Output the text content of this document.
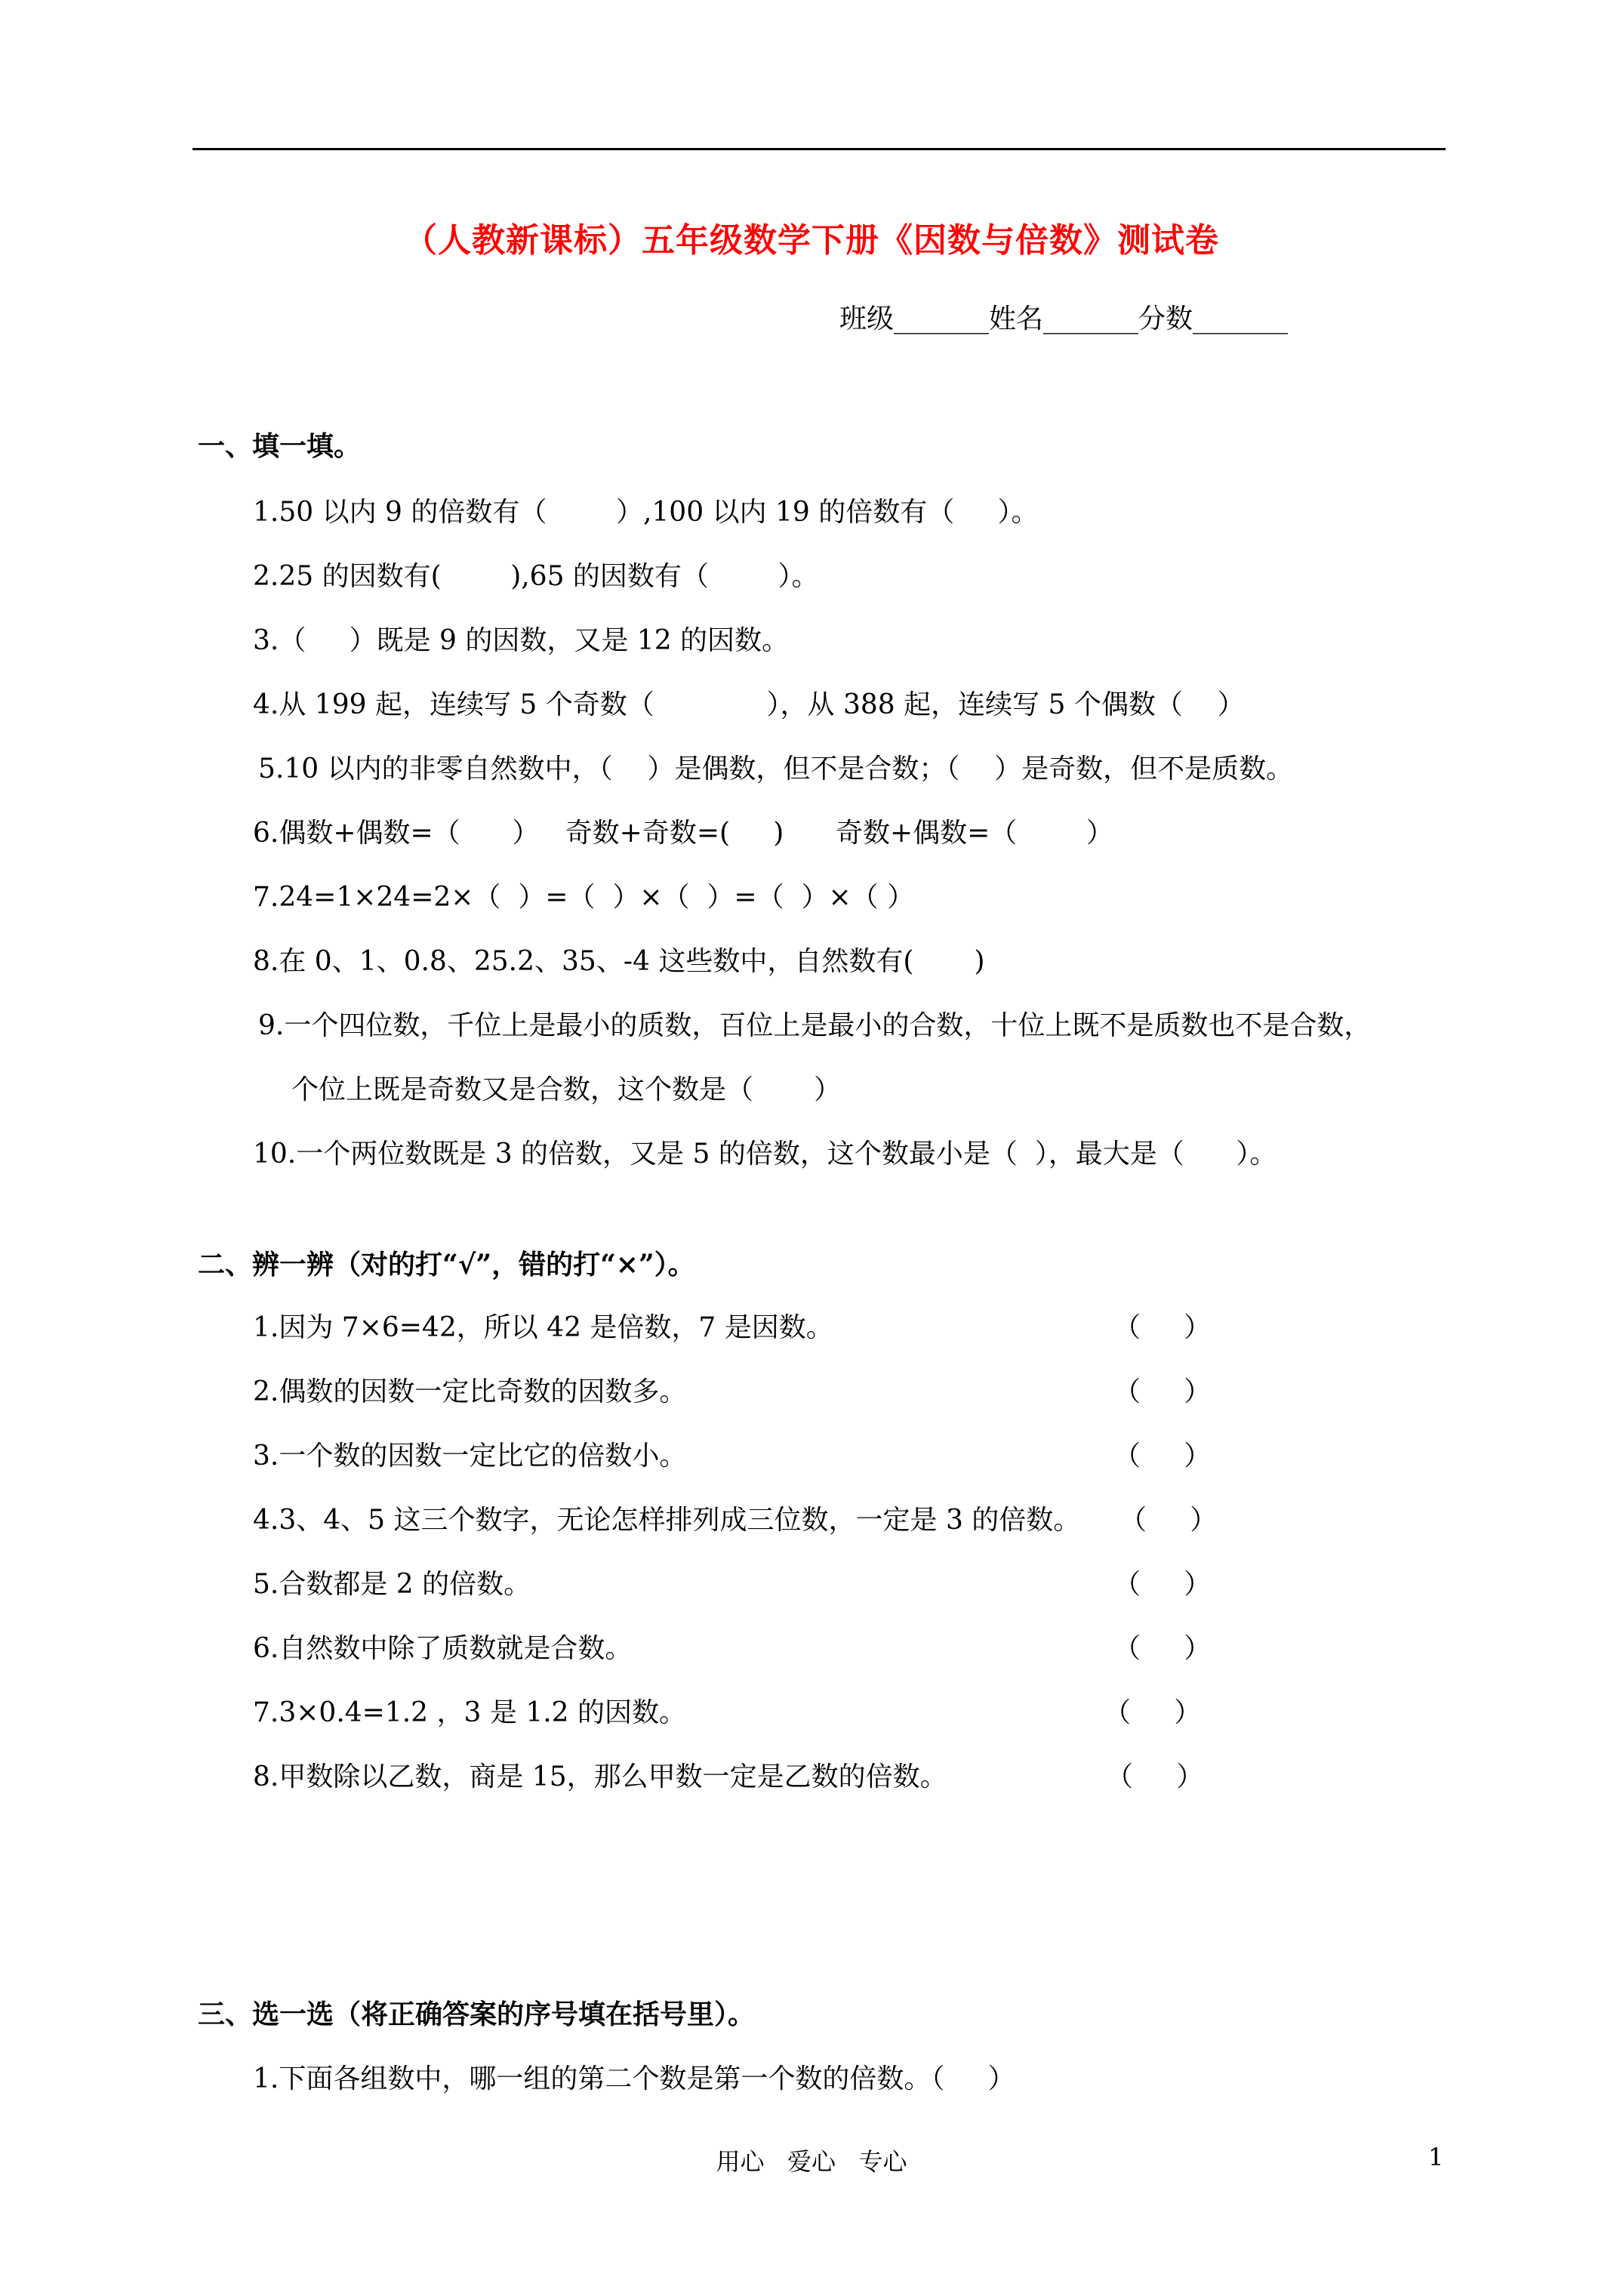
（人教新课标）五年级数学下册《因数与倍数》测试卷
班级_______姓名_______分数_______
一、填一填。
1.50 以内 9 的倍数有（        ）,100 以内 19 的倍数有（     ）。
2.25 的因数有(        ),65 的因数有（        ）。
3.（     ）既是 9 的因数，又是 12 的因数。
4.从 199 起，连续写 5 个奇数（             ），从 388 起，连续写 5 个偶数（    ）
5.10 以内的非零自然数中，（    ）是偶数，但不是合数；（    ）是奇数，但不是质数。
6.偶数+偶数=（      ）   奇数+奇数=(     )      奇数+偶数=（        ）
7.24=1×24=2×（  ）=（  ）×（  ）=（  ）×（ ）
8.在 0、1、0.8、25.2、35、-4 这些数中，自然数有(       )
9.一个四位数，千位上是最小的质数，百位上是最小的合数，十位上既不是质数也不是合数，
个位上既是奇数又是合数，这个数是（       ）
10.一个两位数既是 3 的倍数，又是 5 的倍数，这个数最小是（  ），最大是（      ）。
二、辨一辨（对的打“√”，错的打“×”）。
1.因为 7×6=42，所以 42 是倍数，7 是因数。	（     ）
2.偶数的因数一定比奇数的因数多。	（     ）
3.一个数的因数一定比它的倍数小。	（     ）
4.3、4、5 这三个数字，无论怎样排列成三位数，一定是 3 的倍数。 （     ）
5.合数都是 2 的倍数。	（     ）
6.自然数中除了质数就是合数。	（     ）
7.3×0.4=1.2 ，3 是 1.2 的因数。	（     ）
8.甲数除以乙数，商是 15，那么甲数一定是乙数的倍数。	（     ）
三、选一选（将正确答案的序号填在括号里）。
1.下面各组数中，哪一组的第二个数是第一个数的倍数。（     ）
用心   爱心   专心	1
